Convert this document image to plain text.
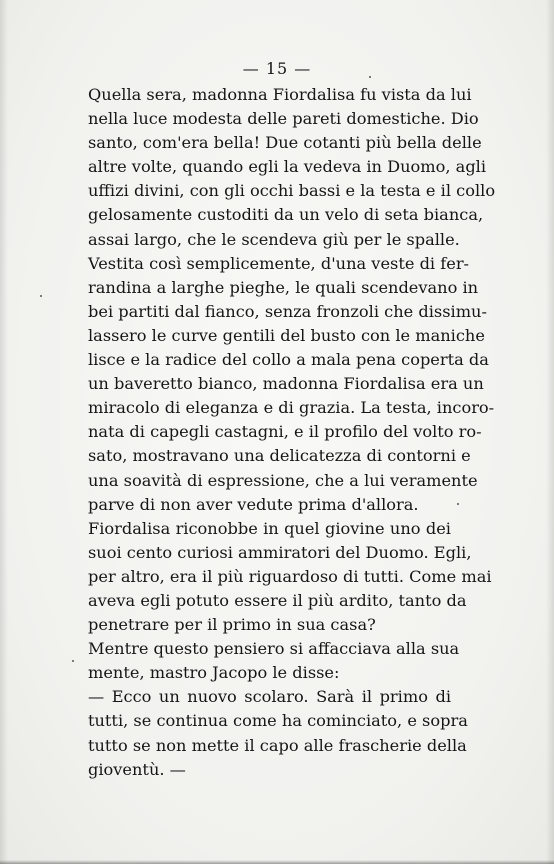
— 15 —
Quella sera, madonna Fiordalisa fu vista da lui
nella luce modesta delle pareti domestiche. Dio
santo, com'era bella! Due cotanti più bella delle
altre volte, quando egli la vedeva in Duomo, agli
uffizi divini, con gli occhi bassi e la testa e il collo
gelosamente custoditi da un velo di seta bianca,
assai largo, che le scendeva giù per le spalle.
Vestita così semplicemente, d'una veste di fer-
randina a larghe pieghe, le quali scendevano in
bei partiti dal fianco, senza fronzoli che dissimu-
lassero le curve gentili del busto con le maniche
lisce e la radice del collo a mala pena coperta da
un baveretto bianco, madonna Fiordalisa era un
miracolo di eleganza e di grazia. La testa, incoro-
nata di capegli castagni, e il profilo del volto ro-
sato, mostravano una delicatezza di contorni e
una soavità di espressione, che a lui veramente
parve di non aver vedute prima d'allora.
Fiordalisa riconobbe in quel giovine uno dei
suoi cento curiosi ammiratori del Duomo. Egli,
per altro, era il più riguardoso di tutti. Come mai
aveva egli potuto essere il più ardito, tanto da
penetrare per il primo in sua casa?
Mentre questo pensiero si affacciava alla sua
mente, mastro Jacopo le disse:
— Ecco un nuovo scolaro. Sarà il primo di
tutti, se continua come ha cominciato, e sopra
tutto se non mette il capo alle frascherie della
gioventù. —
